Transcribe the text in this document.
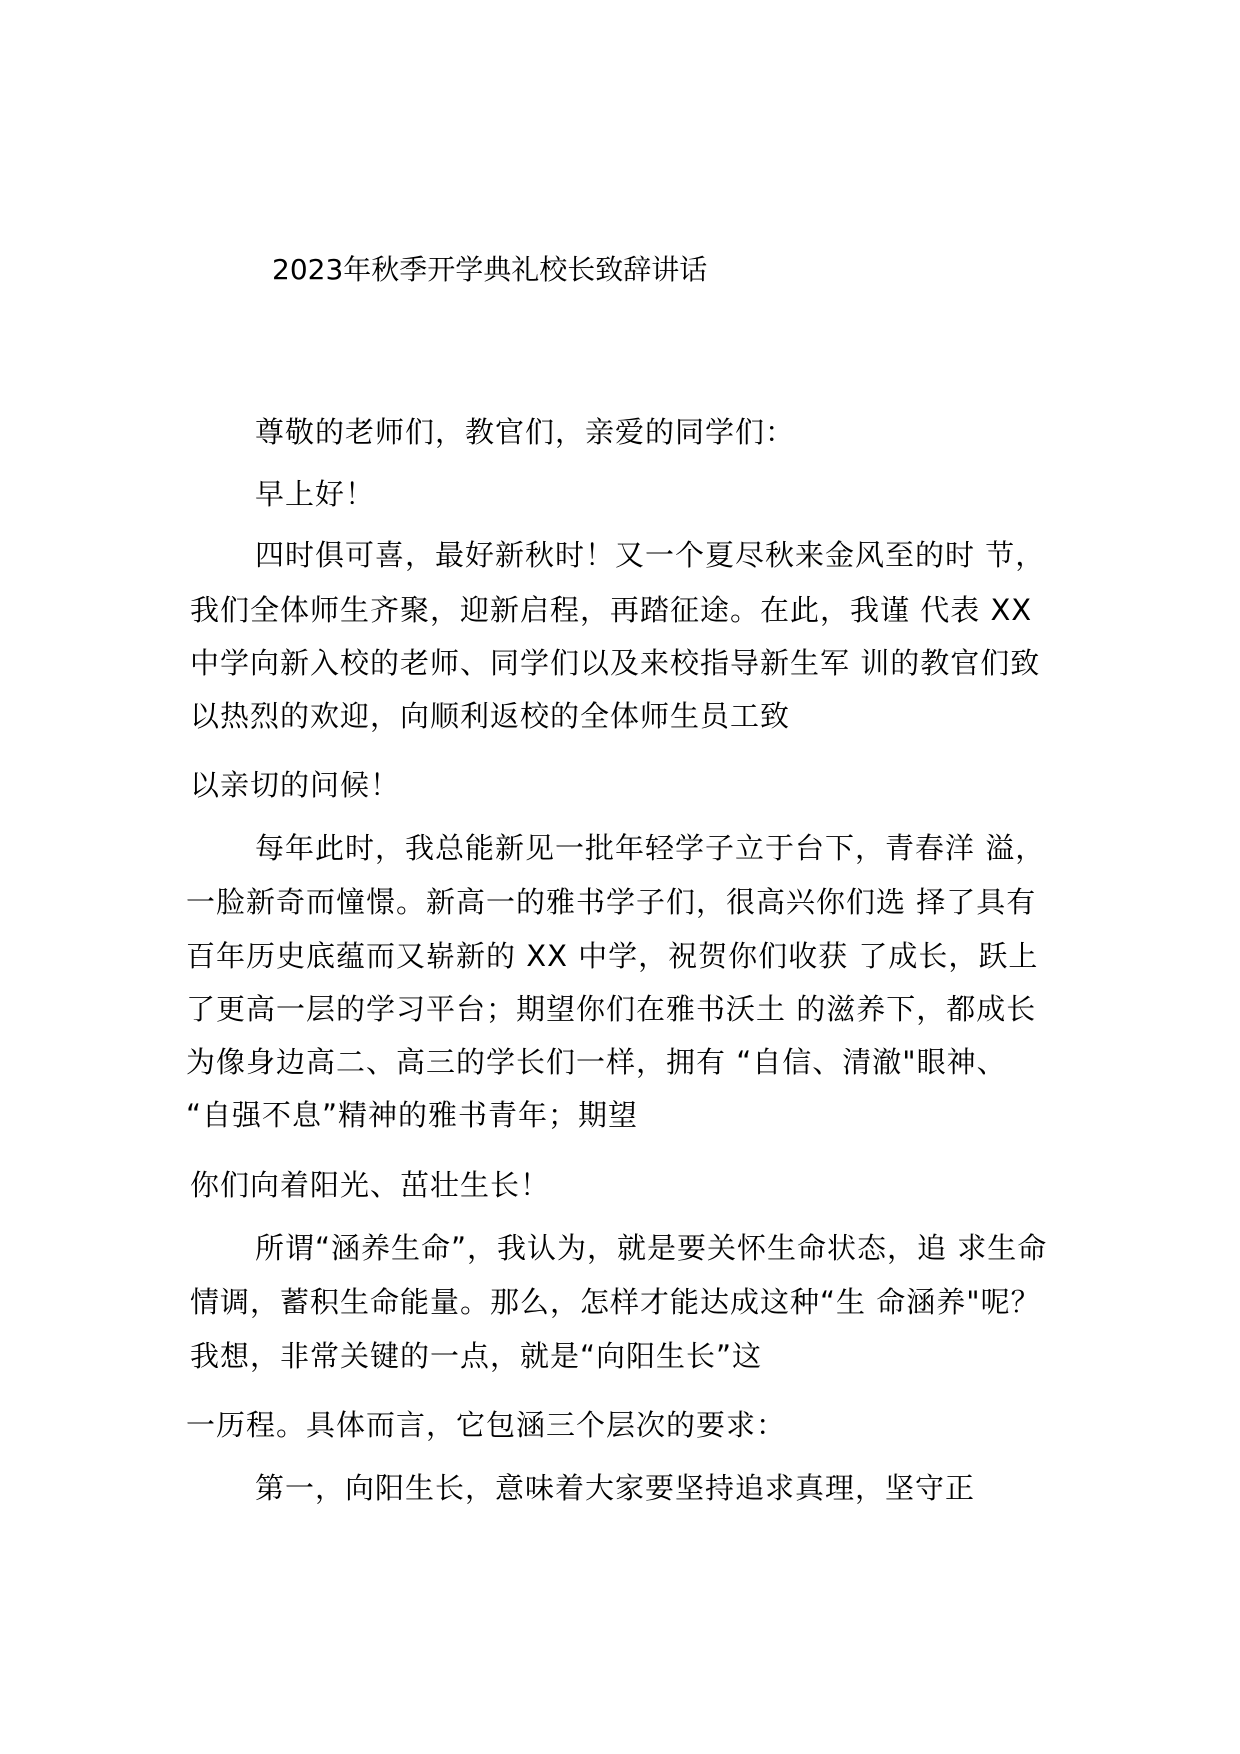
2023年秋季开学典礼校长致辞讲话
尊敬的老师们，教官们，亲爱的同学们：
早上好！
四时俱可喜，最好新秋时！又一个夏尽秋来金风至的时 节，
我们全体师生齐聚，迎新启程，再踏征途。在此，我谨 代表 XX
中学向新入校的老师、同学们以及来校指导新生军 训的教官们致
以热烈的欢迎，向顺利返校的全体师生员工致
以亲切的问候！
每年此时，我总能新见一批年轻学子立于台下，青春洋 溢，
一脸新奇而憧憬。新高一的雅书学子们，很高兴你们选 择了具有
百年历史底蕴而又崭新的 XX 中学，祝贺你们收获 了成长，跃上
了更高一层的学习平台；期望你们在雅书沃土 的滋养下，都成长
为像身边高二、高三的学长们一样，拥有 “自信、清澈"眼神、
“自强不息”精神的雅书青年；期望
你们向着阳光、茁壮生长！
所谓“涵养生命”，我认为，就是要关怀生命状态，追 求生命
情调，蓄积生命能量。那么，怎样才能达成这种“生 命涵养"呢？
我想，非常关键的一点，就是“向阳生长”这
一历程。具体而言，它包涵三个层次的要求：
第一，向阳生长，意味着大家要坚持追求真理，坚守正
